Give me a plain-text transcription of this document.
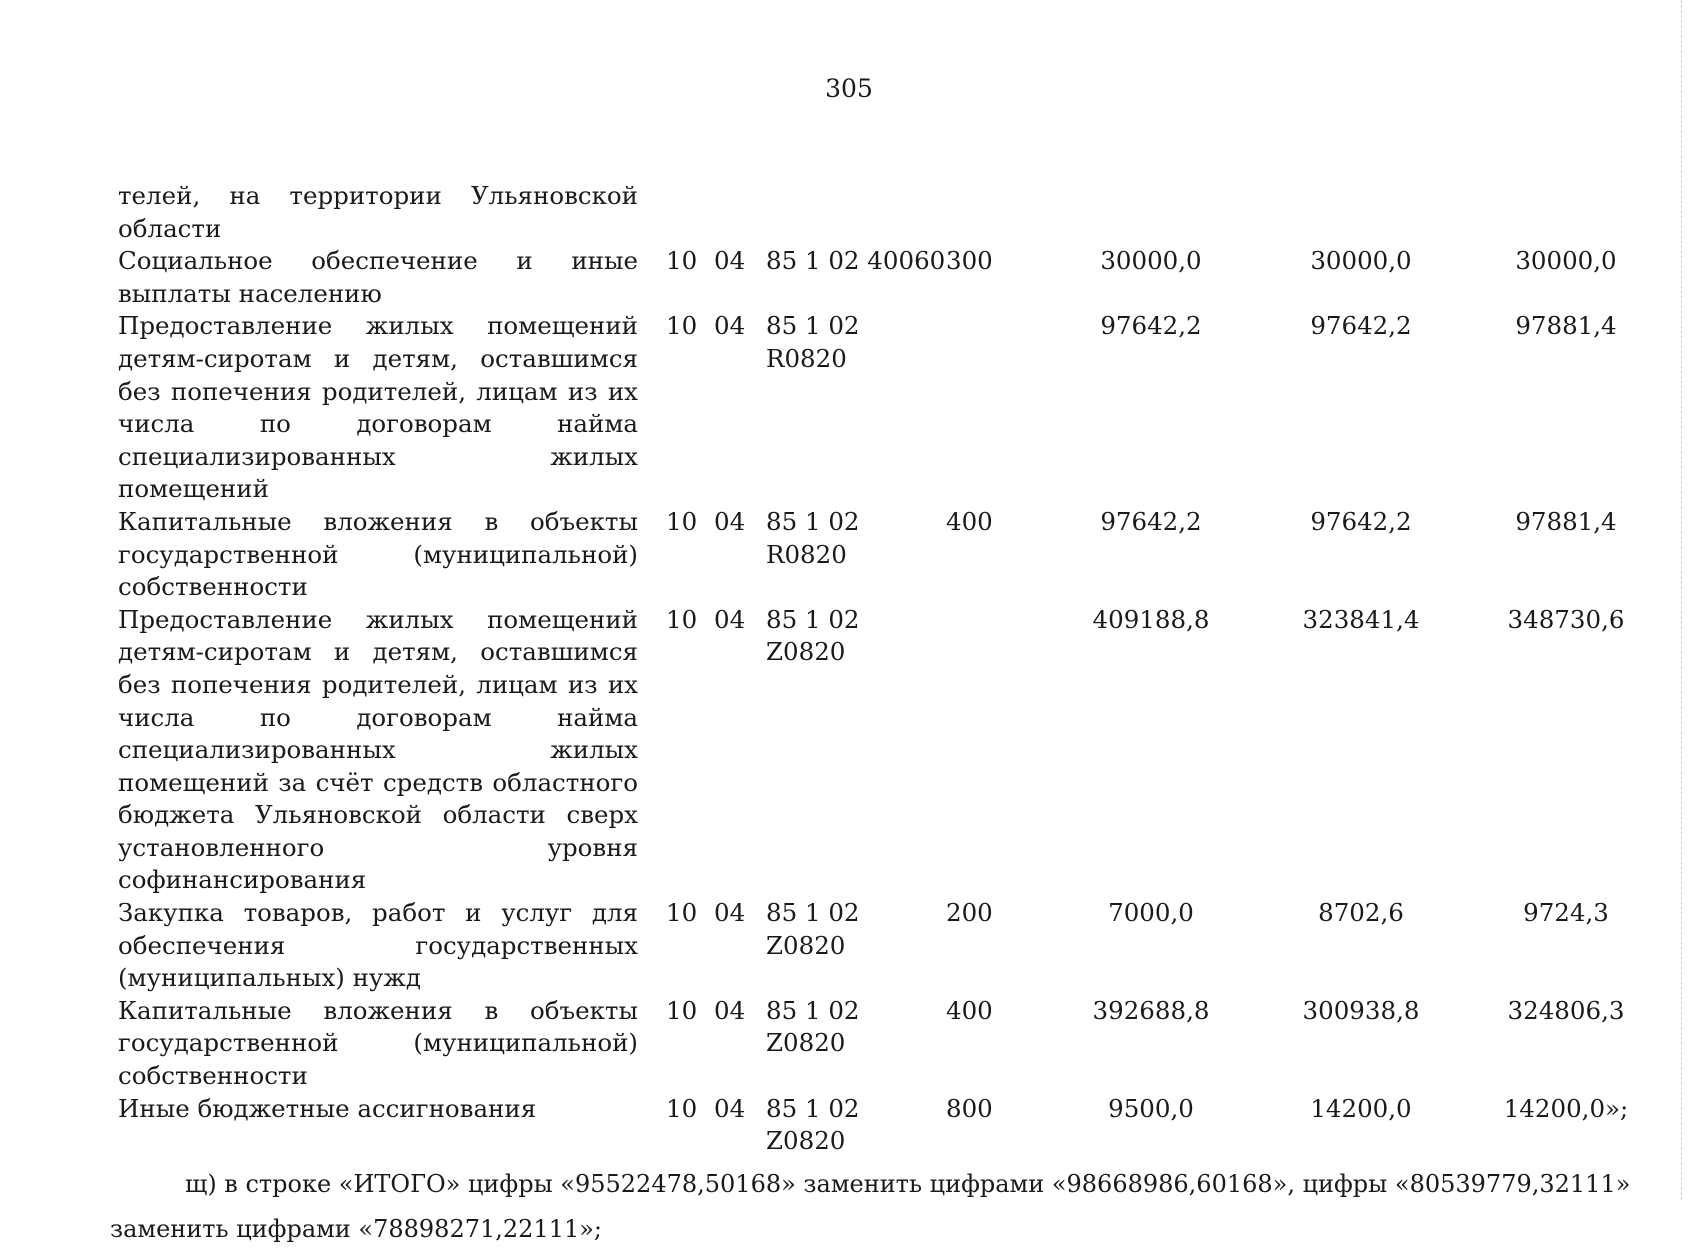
305
телей, на территории Ульяновской области							
Социальное обеспечение и иные выплаты населению	10	04	85 1 02 40060	300	30000,0	30000,0	30000,0
Предоставление жилых помещений детям-сиротам и детям, оставшимся без попечения родителей, лицам из их числа по договорам найма специализированных жилых помещений	10	04	85 1 02 R0820		97642,2	97642,2	97881,4
Капитальные вложения в объекты государственной (муниципальной) собственности	10	04	85 1 02 R0820	400	97642,2	97642,2	97881,4
Предоставление жилых помещений детям-сиротам и детям, оставшимся без попечения родителей, лицам из их числа по договорам найма специализированных жилых помещений за счёт средств областного бюджета Ульяновской области сверх установленного уровня софинансирования	10	04	85 1 02 Z0820		409188,8	323841,4	348730,6
Закупка товаров, работ и услуг для обеспечения государственных (муниципальных) нужд	10	04	85 1 02 Z0820	200	7000,0	8702,6	9724,3
Капитальные вложения в объекты государственной (муниципальной) собственности	10	04	85 1 02 Z0820	400	392688,8	300938,8	324806,3
Иные бюджетные ассигнования	10	04	85 1 02 Z0820	800	9500,0	14200,0	14200,0»;
щ) в строке «ИТОГО» цифры «95522478,50168» заменить цифрами «98668986,60168», цифры «80539779,32111»
заменить цифрами «78898271,22111»;
